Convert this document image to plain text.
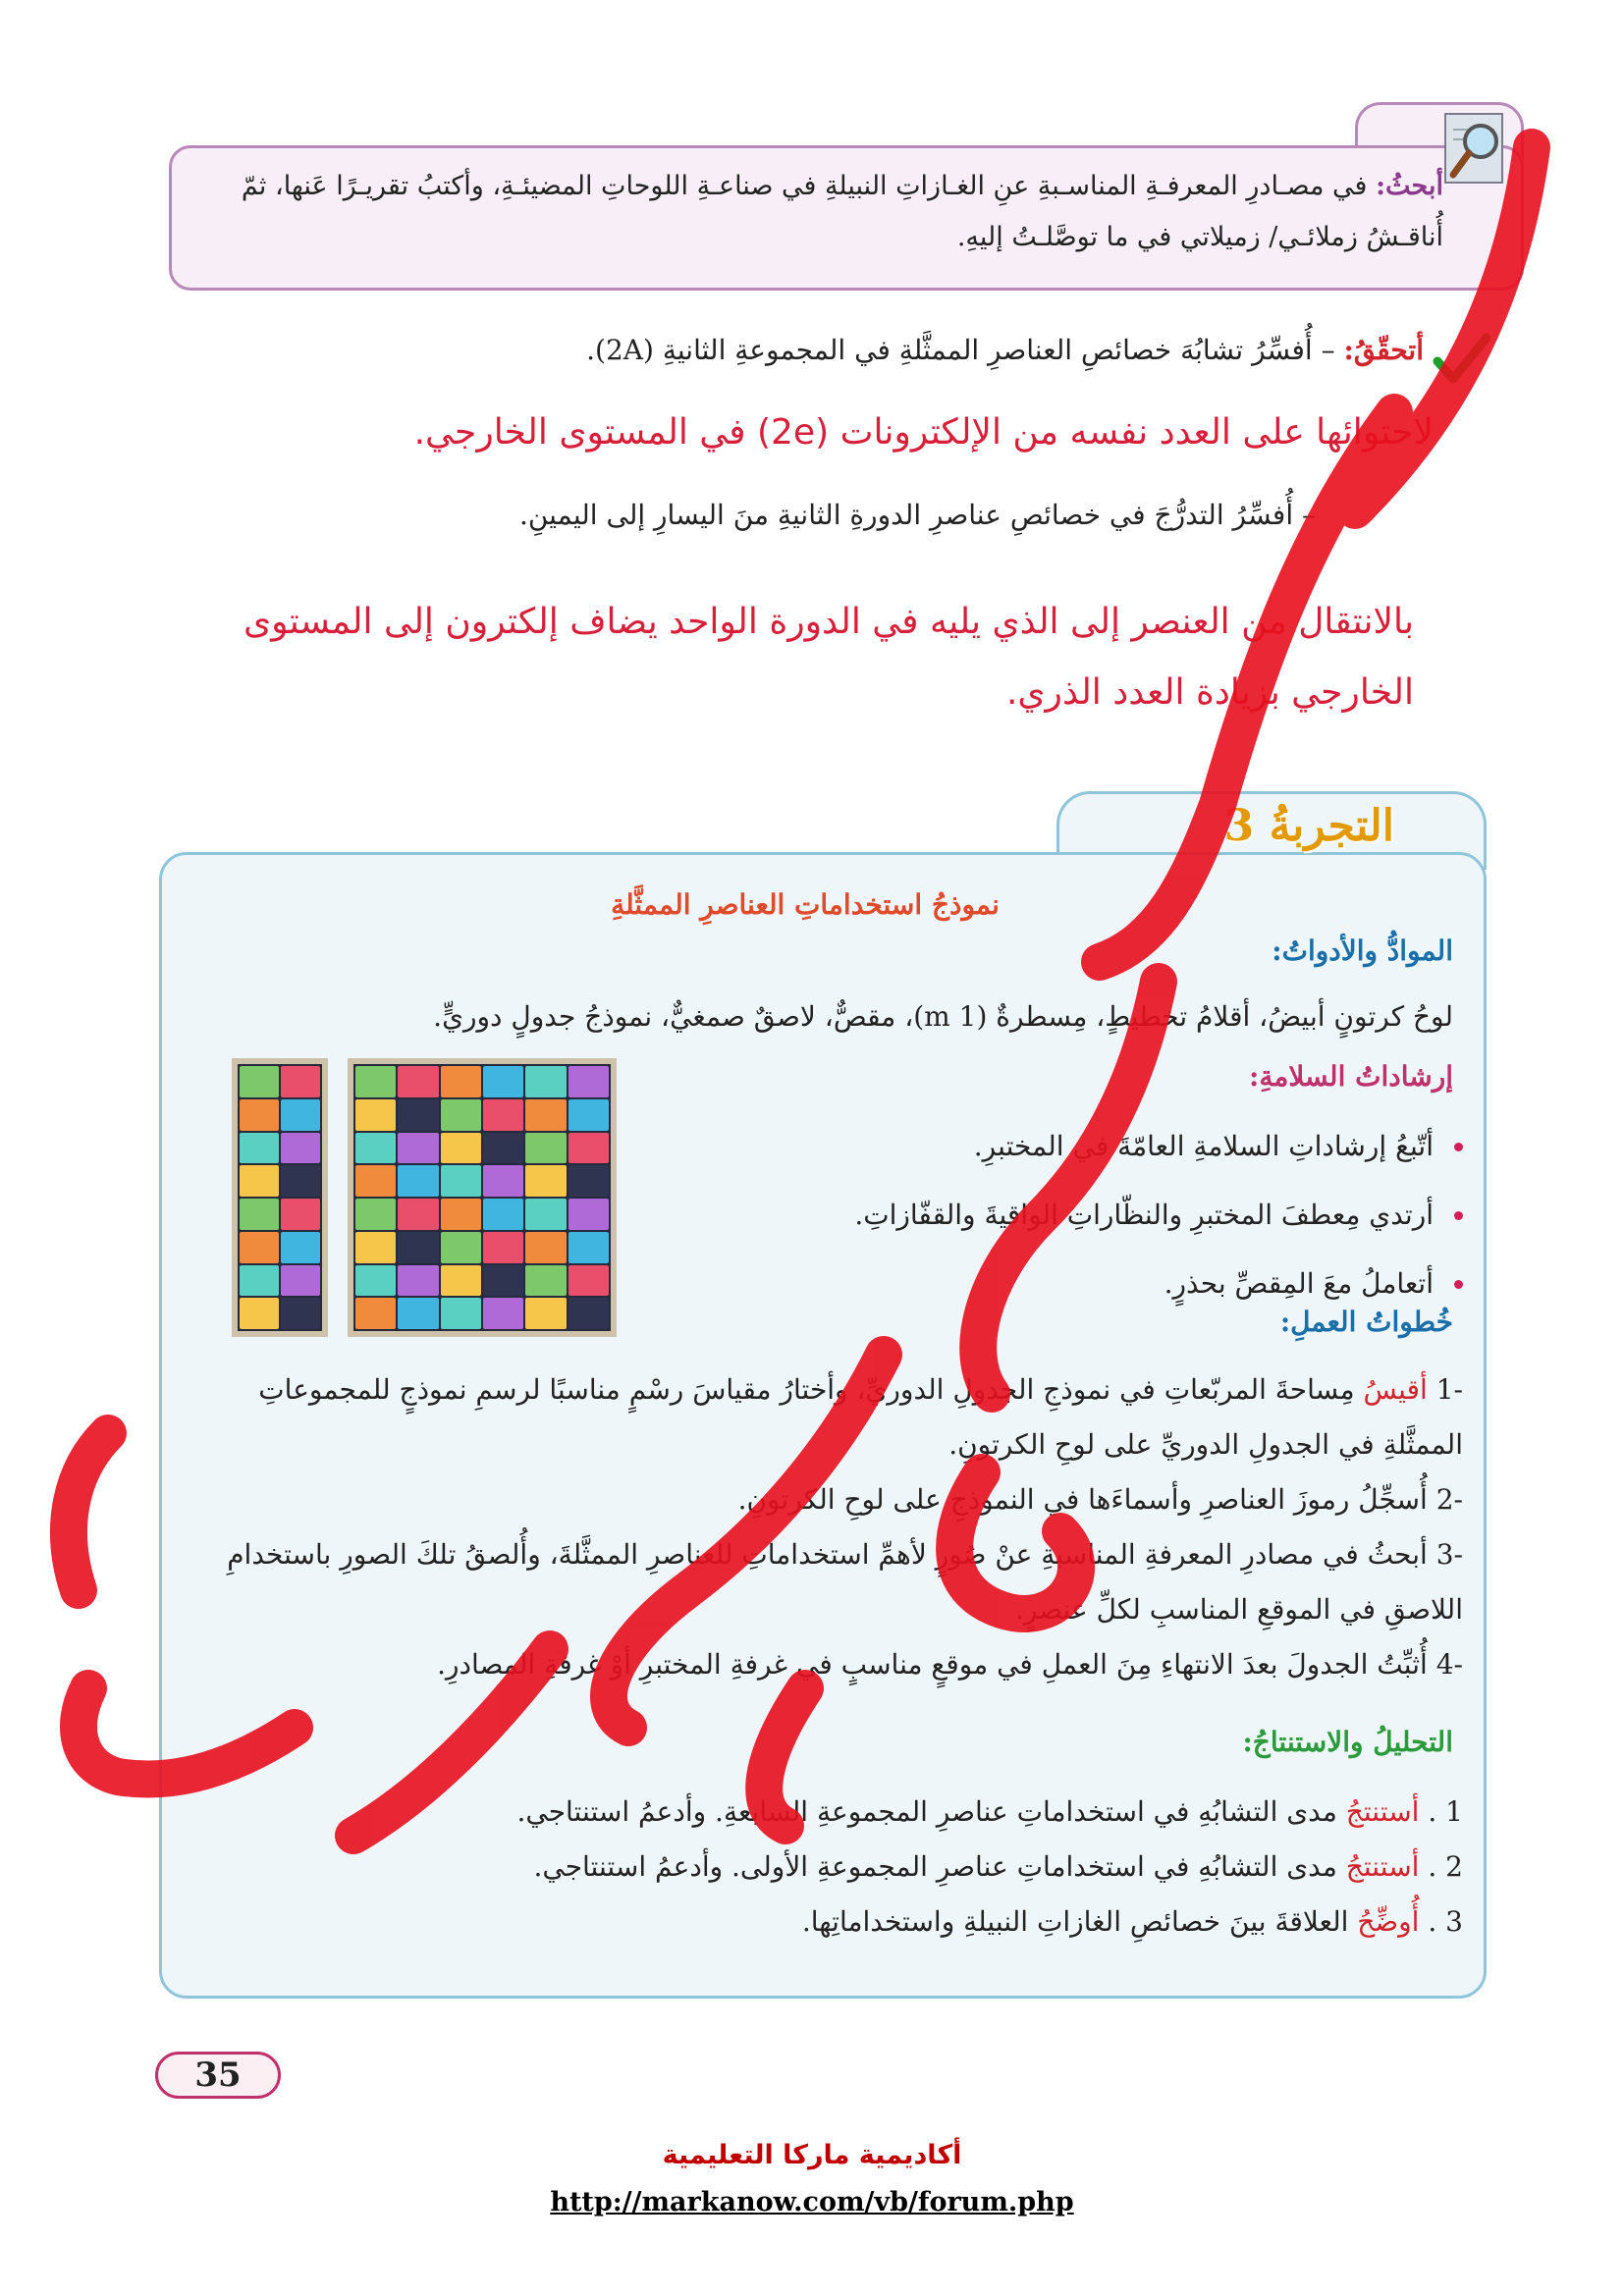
أبحثُ: في مصـادرِ المعرفـةِ المناسـبةِ عنِ الغـازاتِ النبيلةِ في صناعـةِ اللوحاتِ المضيئـةِ، وأكتبُ تقريـرًا عَنها، ثمّ أُناقـشُ زملائـي/ زميلاتي في ما توصَّلـتُ إليهِ.
أتحقّقُ: – أُفسِّرُ تشابُهَ خصائصِ العناصرِ الممثَّلةِ في المجموعةِ الثانيةِ (2A).
لاحتوائها على العدد نفسه من الإلكترونات (2e) في المستوى الخارجي.
– أُفسِّرُ التدرُّجَ في خصائصِ عناصرِ الدورةِ الثانيةِ منَ اليسارِ إلى اليمينِ.
بالانتقال من العنصر إلى الذي يليه في الدورة الواحد يضاف إلكترون إلى المستوى الخارجي بزيادة العدد الذري.
التجربةُ 3
نموذجُ استخداماتِ العناصرِ الممثَّلةِ
الموادُّ والأدواتُ:
لوحُ كرتونٍ أبيضُ، أقلامُ تخطيطٍ، مِسطرةٌ (1 m)، مقصٌّ، لاصقٌ صمغيٌّ، نموذجُ جدولٍ دوريٍّ.
إرشاداتُ السلامةِ:
أتّبعُ إرشاداتِ السلامةِ العامّةَ في المختبرِ.
أرتدي مِعطفَ المختبرِ والنظّاراتِ الواقيةَ والقفّازاتِ.
أتعاملُ معَ المِقصِّ بحذرٍ.
خُطواتُ العملِ:
-1 أقيسُ مِساحةَ المربّعاتِ في نموذجِ الجدولِ الدوريِّ، وأختارُ مقياسَ رسْمٍ مناسبًا لرسمِ نموذجٍ للمجموعاتِ الممثَّلةِ في الجدولِ الدوريِّ على لوحِ الكرتونِ.
-2 أُسجِّلُ رموزَ العناصرِ وأسماءَها في النموذجِ على لوحِ الكرتونِ.
-3 أبحثُ في مصادرِ المعرفةِ المناسبةِ عنْ صُورٍ لأهمِّ استخداماتِ للعناصرِ الممثَّلةَ، وأُلصقُ تلكَ الصورِ باستخدامِ اللاصقِ في الموقعِ المناسبِ لكلِّ عنصرٍ.
-4 أُثبِّتُ الجدولَ بعدَ الانتهاءِ مِنَ العملِ في موقعٍ مناسبٍ في غرفةِ المختبرِ أوْ غرفةِ المصادرِ.
التحليلُ والاستنتاجُ:
1 . أستنتجُ مدى التشابُهِ في استخداماتِ عناصرِ المجموعةِ السابعةِ. وأدعمُ استنتاجي.
2 . أستنتجُ مدى التشابُهِ في استخداماتِ عناصرِ المجموعةِ الأولى. وأدعمُ استنتاجي.
3 . أُوضِّحُ العلاقةَ بينَ خصائصِ الغازاتِ النبيلةِ واستخداماتِها.
35
أكاديمية ماركا التعليمية
http://markanow.com/vb/forum.php
